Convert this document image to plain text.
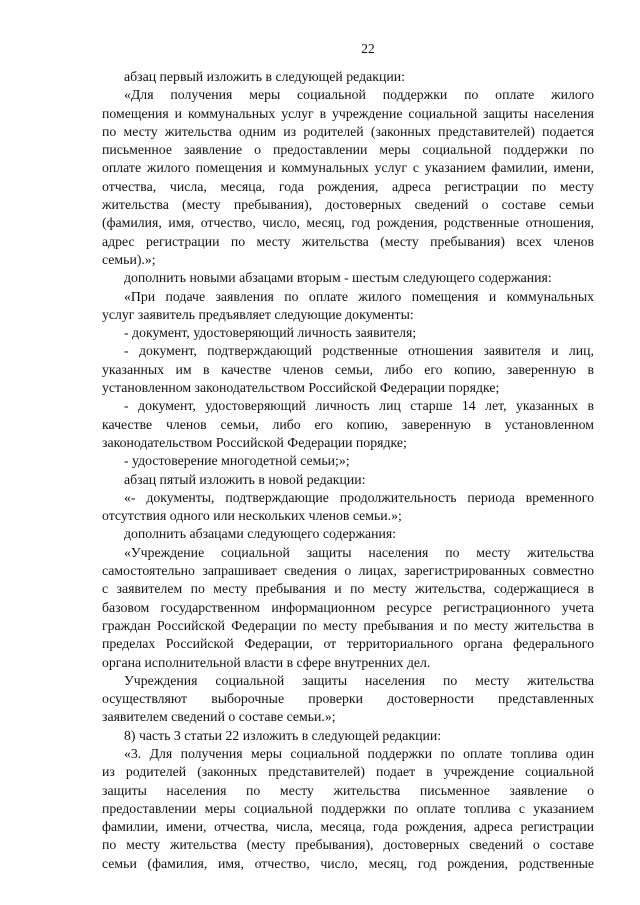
22
абзац первый изложить в следующей редакции:
«Для получения меры социальной поддержки по оплате жилого
помещения и коммунальных услуг в учреждение социальной защиты населения
по месту жительства одним из родителей (законных представителей) подается
письменное заявление о предоставлении меры социальной поддержки по
оплате жилого помещения и коммунальных услуг с указанием фамилии, имени,
отчества, числа, месяца, года рождения, адреса регистрации по месту
жительства (месту пребывания), достоверных сведений о составе семьи
(фамилия, имя, отчество, число, месяц, год рождения, родственные отношения,
адрес регистрации по месту жительства (месту пребывания) всех членов
семьи).»;
дополнить новыми абзацами вторым - шестым следующего содержания:
«При подаче заявления по оплате жилого помещения и коммунальных
услуг заявитель предъявляет следующие документы:
- документ, удостоверяющий личность заявителя;
- документ, подтверждающий родственные отношения заявителя и лиц,
указанных им в качестве членов семьи, либо его копию, заверенную в
установленном законодательством Российской Федерации порядке;
- документ, удостоверяющий личность лиц старше 14 лет, указанных в
качестве членов семьи, либо его копию, заверенную в установленном
законодательством Российской Федерации порядке;
- удостоверение многодетной семьи;»;
абзац пятый изложить в новой редакции:
«- документы, подтверждающие продолжительность периода временного
отсутствия одного или нескольких членов семьи.»;
дополнить абзацами следующего содержания:
«Учреждение социальной защиты населения по месту жительства
самостоятельно запрашивает сведения о лицах, зарегистрированных совместно
с заявителем по месту пребывания и по месту жительства, содержащиеся в
базовом государственном информационном ресурсе регистрационного учета
граждан Российской Федерации по месту пребывания и по месту жительства в
пределах Российской Федерации, от территориального органа федерального
органа исполнительной власти в сфере внутренних дел.
Учреждения социальной защиты населения по месту жительства
осуществляют выборочные проверки достоверности представленных
заявителем сведений о составе семьи.»;
8) часть 3 статьи 22 изложить в следующей редакции:
«3. Для получения меры социальной поддержки по оплате топлива один
из родителей (законных представителей) подает в учреждение социальной
защиты населения по месту жительства письменное заявление о
предоставлении меры социальной поддержки по оплате топлива с указанием
фамилии, имени, отчества, числа, месяца, года рождения, адреса регистрации
по месту жительства (месту пребывания), достоверных сведений о составе
семьи (фамилия, имя, отчество, число, месяц, год рождения, родственные
